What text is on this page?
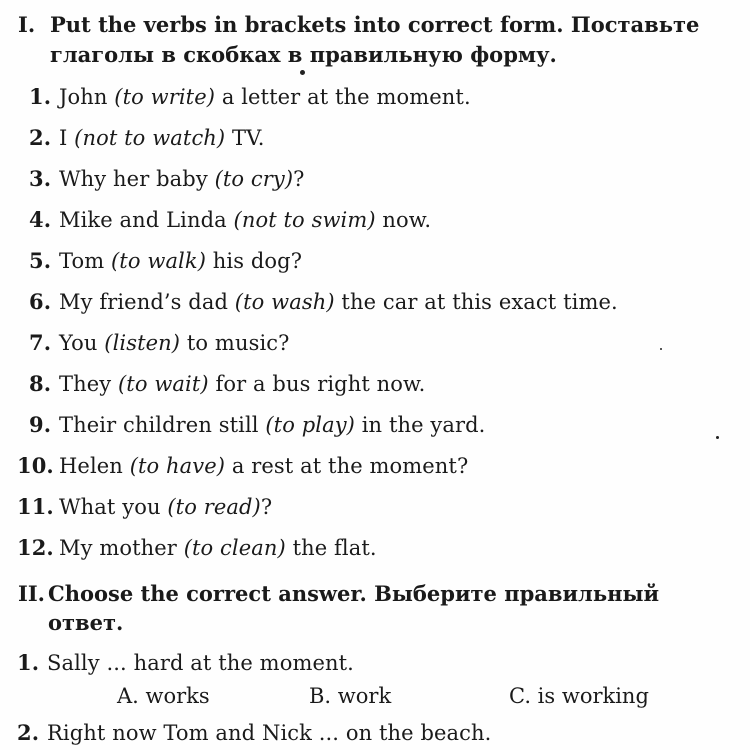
I. Put the verbs in brackets into correct form. Поставьте
глаголы в скобках в правильную форму.
1. John (to write) a letter at the moment.
2. I (not to watch) TV.
3. Why her baby (to cry)?
4. Mike and Linda (not to swim) now.
5. Tom (to walk) his dog?
6. My friend’s dad (to wash) the car at this exact time.
7. You (listen) to music?
8. They (to wait) for a bus right now.
9. Their children still (to play) in the yard.
10. Helen (to have) a rest at the moment?
11. What you (to read)?
12. My mother (to clean) the flat.
II. Choose the correct answer. Выберите правильный
ответ.
1. Sally ... hard at the moment.
A. works	B. work	C. is working
2. Right now Tom and Nick ... on the beach.
